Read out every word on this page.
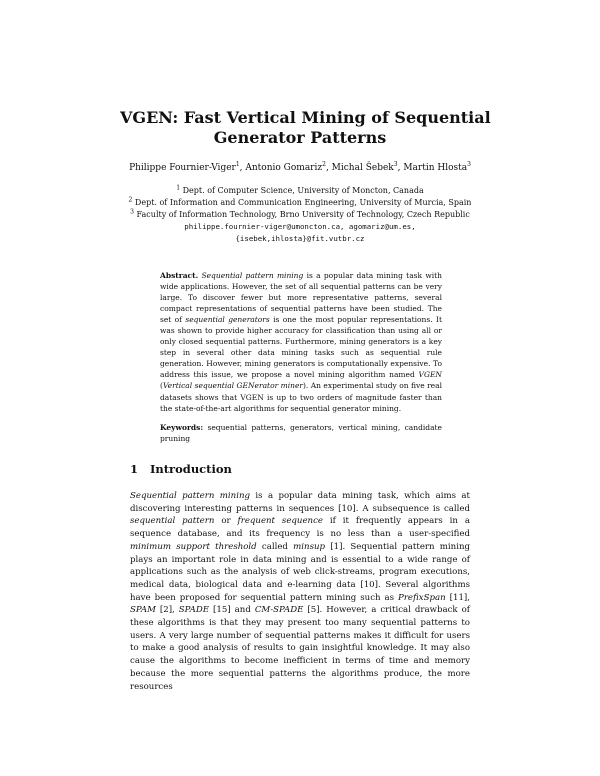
VGEN: Fast Vertical Mining of Sequential
Generator Patterns
Philippe Fournier-Viger$^1$, Antonio Gomariz$^2$, Michal Šebek$^3$, Martin Hlosta$^3$
$^1$ Dept. of Computer Science, University of Moncton, Canada
$^2$ Dept. of Information and Communication Engineering, University of Murcia, Spain
$^3$ Faculty of Information Technology, Brno University of Technology, Czech Republic
philippe.fournier-viger@umoncton.ca, agomariz@um.es,
{isebek,ihlosta}@fit.vutbr.cz

Abstract. Sequential pattern mining is a popular data mining task with wide applications. However, the set of all sequential patterns can be very large. To discover fewer but more representative patterns, several compact representations of sequential patterns have been studied. The set of sequential generators is one the most popular representations. It was shown to provide higher accuracy for classification than using all or only closed sequential patterns. Furthermore, mining generators is a key step in several other data mining tasks such as sequential rule generation. However, mining generators is computationally expensive. To address this issue, we propose a novel mining algorithm named VGEN (Vertical sequential GENerator miner). An experimental study on five real datasets shows that VGEN is up to two orders of magnitude faster than the state-of-the-art algorithms for sequential generator mining.

Keywords: sequential patterns, generators, vertical mining, candidate pruning

1 Introduction

Sequential pattern mining is a popular data mining task, which aims at discovering interesting patterns in sequences [10]. A subsequence is called sequential pattern or frequent sequence if it frequently appears in a sequence database, and its frequency is no less than a user-specified minimum support threshold called minsup [1]. Sequential pattern mining plays an important role in data mining and is essential to a wide range of applications such as the analysis of web click-streams, program executions, medical data, biological data and e-learning data [10]. Several algorithms have been proposed for sequential pattern mining such as PrefixSpan [11], SPAM [2], SPADE [15] and CM-SPADE [5]. However, a critical drawback of these algorithms is that they may present too many sequential patterns to users. A very large number of sequential patterns makes it difficult for users to make a good analysis of results to gain insightful knowledge. It may also cause the algorithms to become inefficient in terms of time and memory because the more sequential patterns the algorithms produce, the more resources
